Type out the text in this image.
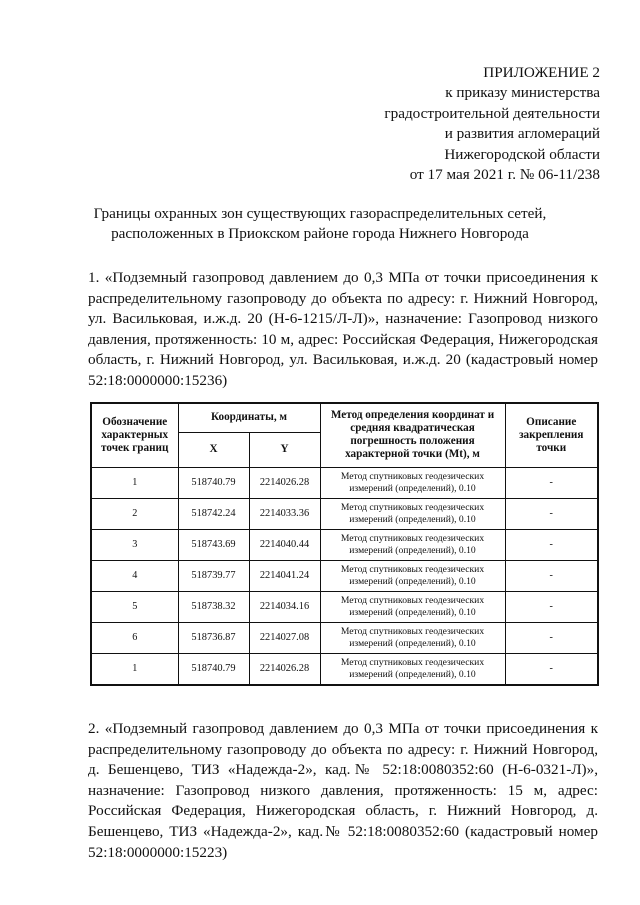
ПРИЛОЖЕНИЕ 2
к приказу министерства
градостроительной деятельности
и развития агломераций
Нижегородской области
от 17 мая 2021 г. № 06-11/238
Границы охранных зон существующих газораспределительных сетей,
расположенных в Приокском районе города Нижнего Новгорода
1. «Подземный газопровод давлением до 0,3 МПа от точки присоединения к распределительному газопроводу до объекта по адресу: г. Нижний Новгород, ул. Васильковая, и.ж.д. 20 (Н-6-1215/Л-Л)», назначение: Газопровод низкого давления, протяженность: 10 м, адрес: Российская Федерация, Нижегородская область, г. Нижний Новгород, ул. Васильковая, и.ж.д. 20 (кадастровый номер 52:18:0000000:15236)
Обозначение характерных точек границ	Координаты, м		Метод определения координат и средняя квадратическая погрешность положения характерной точки (Mt), м	Описание закрепления точки
	X	Y		
1	518740.79	2214026.28	Метод спутниковых геодезических измерений (определений), 0.10	-
2	518742.24	2214033.36	Метод спутниковых геодезических измерений (определений), 0.10	-
3	518743.69	2214040.44	Метод спутниковых геодезических измерений (определений), 0.10	-
4	518739.77	2214041.24	Метод спутниковых геодезических измерений (определений), 0.10	-
5	518738.32	2214034.16	Метод спутниковых геодезических измерений (определений), 0.10	-
6	518736.87	2214027.08	Метод спутниковых геодезических измерений (определений), 0.10	-
1	518740.79	2214026.28	Метод спутниковых геодезических измерений (определений), 0.10	-
2. «Подземный газопровод давлением до 0,3 МПа от точки присоединения к распределительному газопроводу до объекта по адресу: г. Нижний Новгород, д. Бешенцево, ТИЗ «Надежда-2», кад.№ 52:18:0080352:60 (Н-6-0321-Л)», назначение: Газопровод низкого давления, протяженность: 15 м, адрес: Российская Федерация, Нижегородская область, г. Нижний Новгород, д. Бешенцево, ТИЗ «Надежда-2», кад.№ 52:18:0080352:60 (кадастровый номер 52:18:0000000:15223)
